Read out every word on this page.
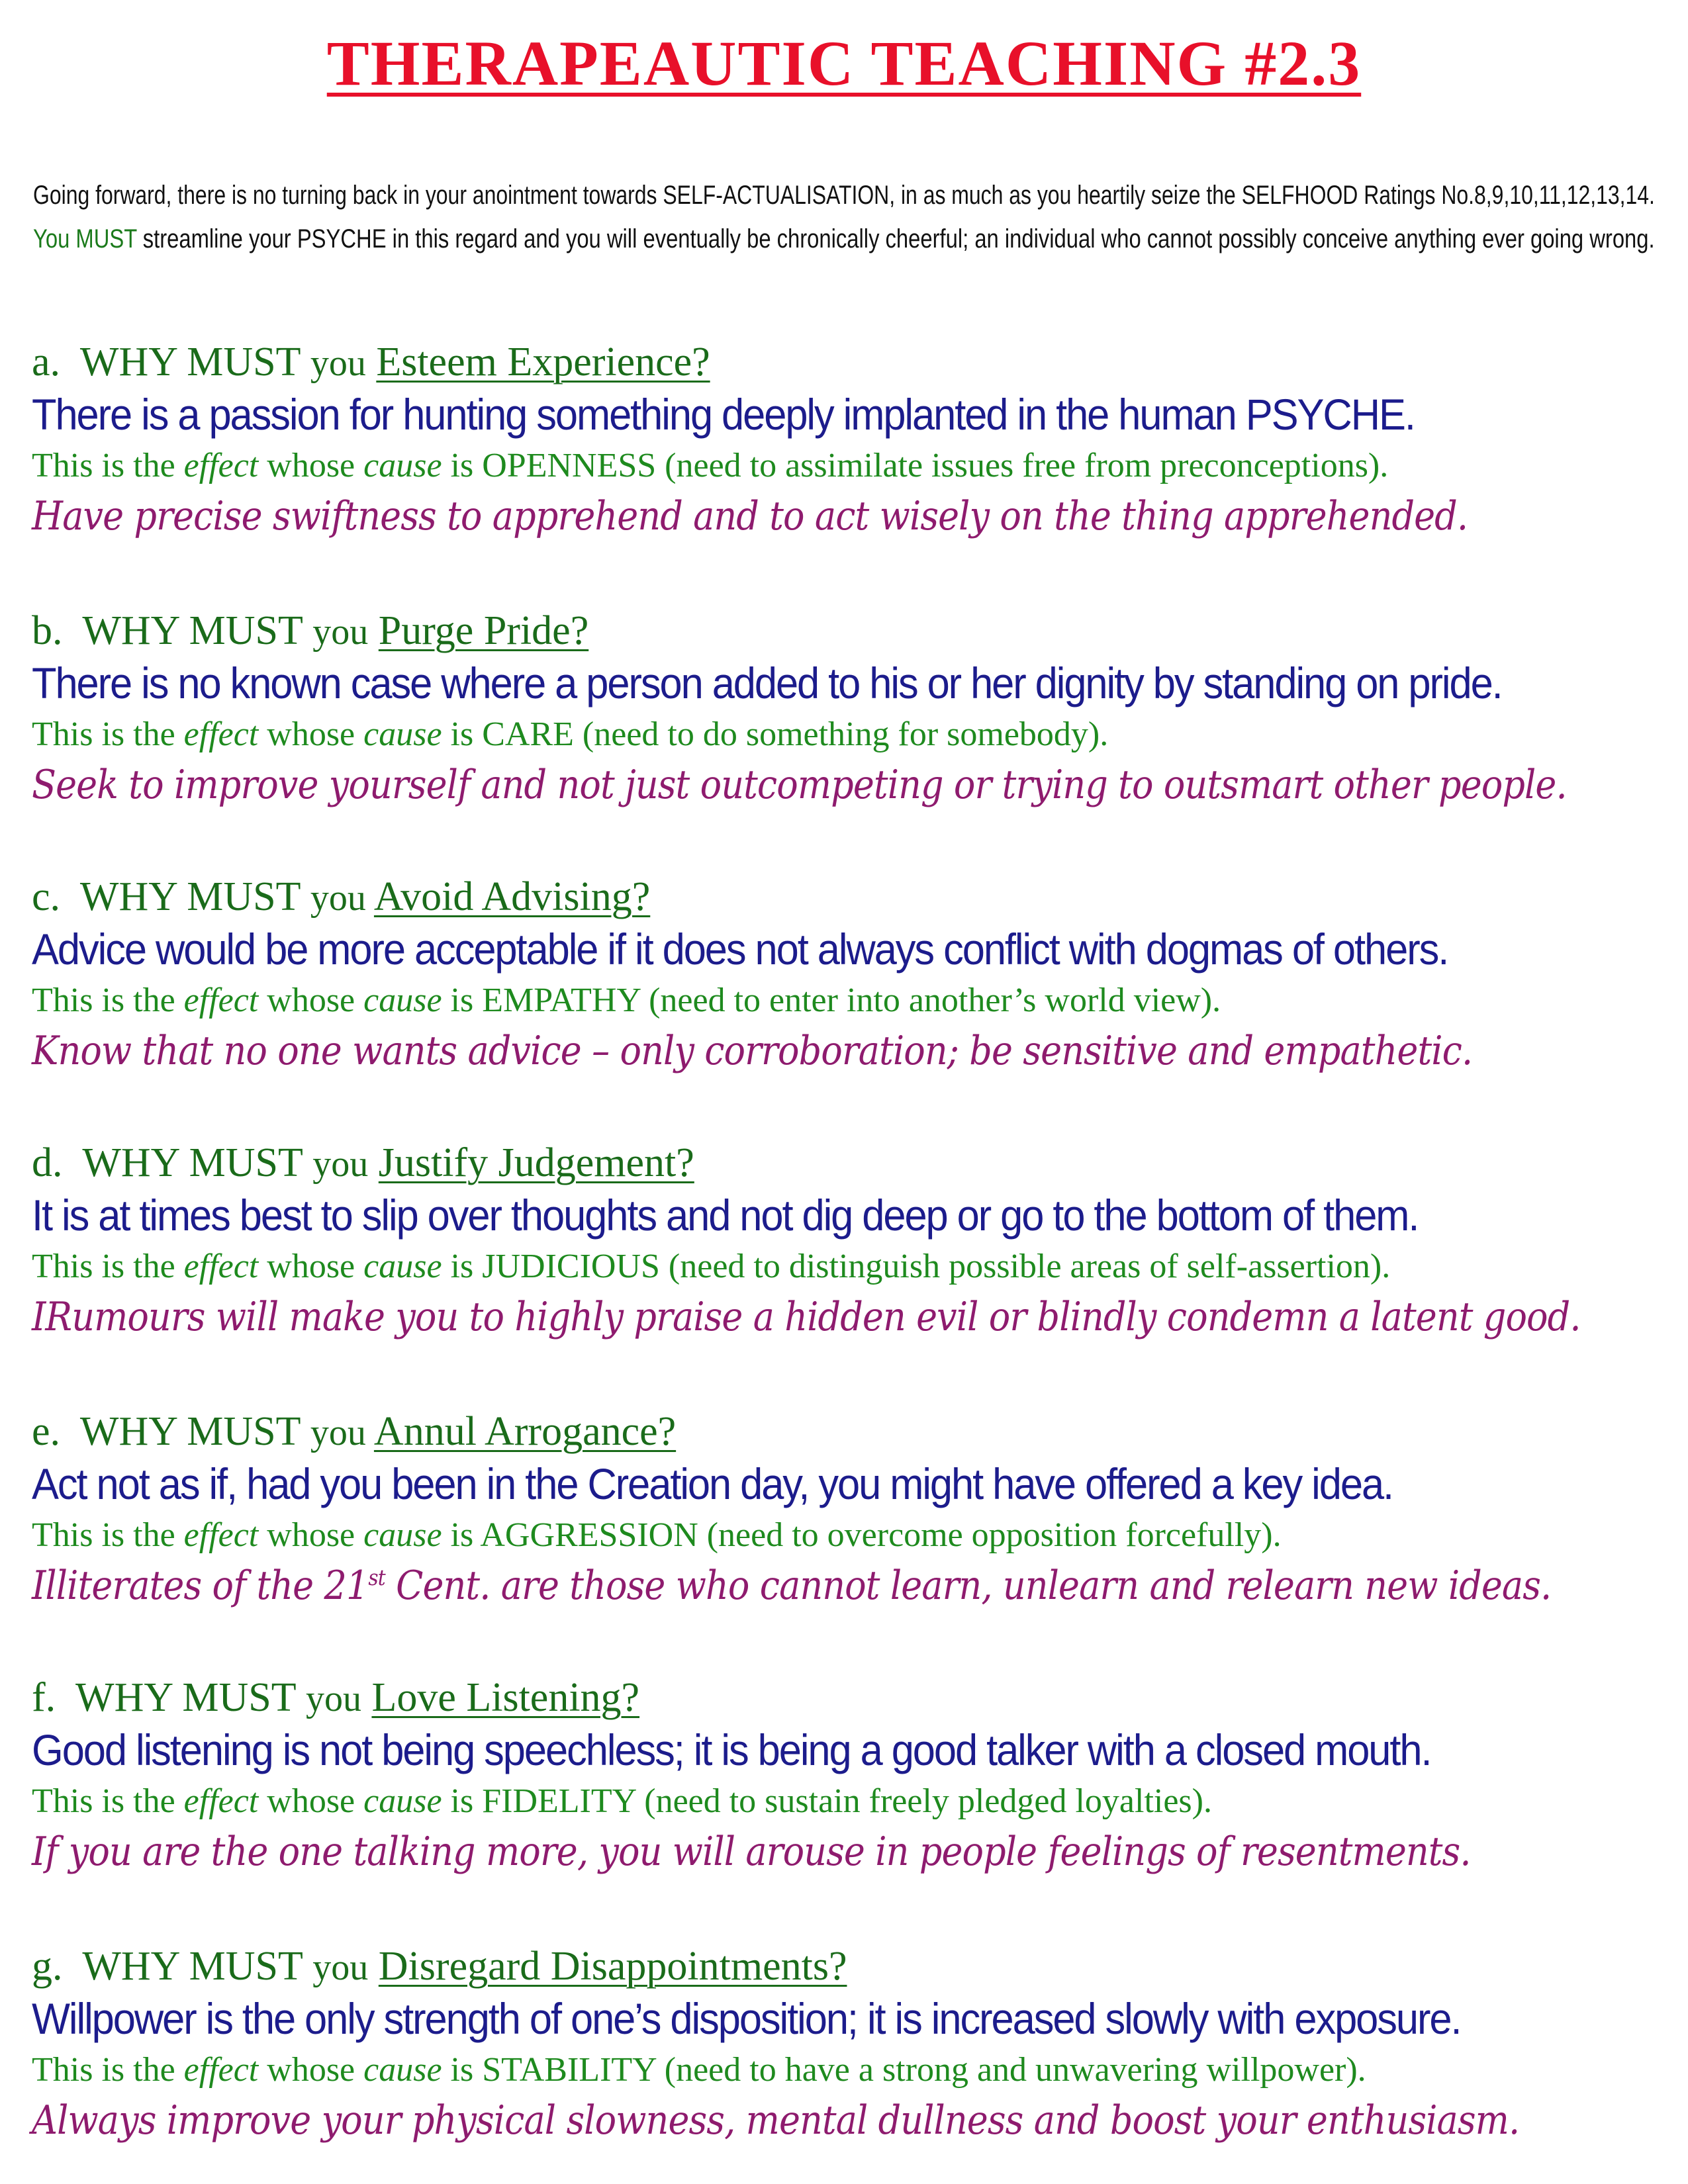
THERAPEAUTIC TEACHING #2.3
Going forward, there is no turning back in your anointment towards SELF-ACTUALISATION, in as much as you heartily seize the SELFHOOD Ratings No.8,9,10,11,12,13,14.
You MUST streamline your PSYCHE in this regard and you will eventually be chronically cheerful; an individual who cannot possibly conceive anything ever going wrong.
a. WHY MUST you Esteem Experience?
There is a passion for hunting something deeply implanted in the human PSYCHE.
This is the effect whose cause is OPENNESS (need to assimilate issues free from preconceptions).
Have precise swiftness to apprehend and to act wisely on the thing apprehended.
b. WHY MUST you Purge Pride?
There is no known case where a person added to his or her dignity by standing on pride.
This is the effect whose cause is CARE (need to do something for somebody).
Seek to improve yourself and not just outcompeting or trying to outsmart other people.
c. WHY MUST you Avoid Advising?
Advice would be more acceptable if it does not always conflict with dogmas of others.
This is the effect whose cause is EMPATHY (need to enter into another’s world view).
Know that no one wants advice – only corroboration; be sensitive and empathetic.
d. WHY MUST you Justify Judgement?
It is at times best to slip over thoughts and not dig deep or go to the bottom of them.
This is the effect whose cause is JUDICIOUS (need to distinguish possible areas of self-assertion).
IRumours will make you to highly praise a hidden evil or blindly condemn a latent good.
e. WHY MUST you Annul Arrogance?
Act not as if, had you been in the Creation day, you might have offered a key idea.
This is the effect whose cause is AGGRESSION (need to overcome opposition forcefully).
Illiterates of the 21st Cent. are those who cannot learn, unlearn and relearn new ideas.
f. WHY MUST you Love Listening?
Good listening is not being speechless; it is being a good talker with a closed mouth.
This is the effect whose cause is FIDELITY (need to sustain freely pledged loyalties).
If you are the one talking more, you will arouse in people feelings of resentments.
g. WHY MUST you Disregard Disappointments?
Willpower is the only strength of one’s disposition; it is increased slowly with exposure.
This is the effect whose cause is STABILITY (need to have a strong and unwavering willpower).
Always improve your physical slowness, mental dullness and boost your enthusiasm.
